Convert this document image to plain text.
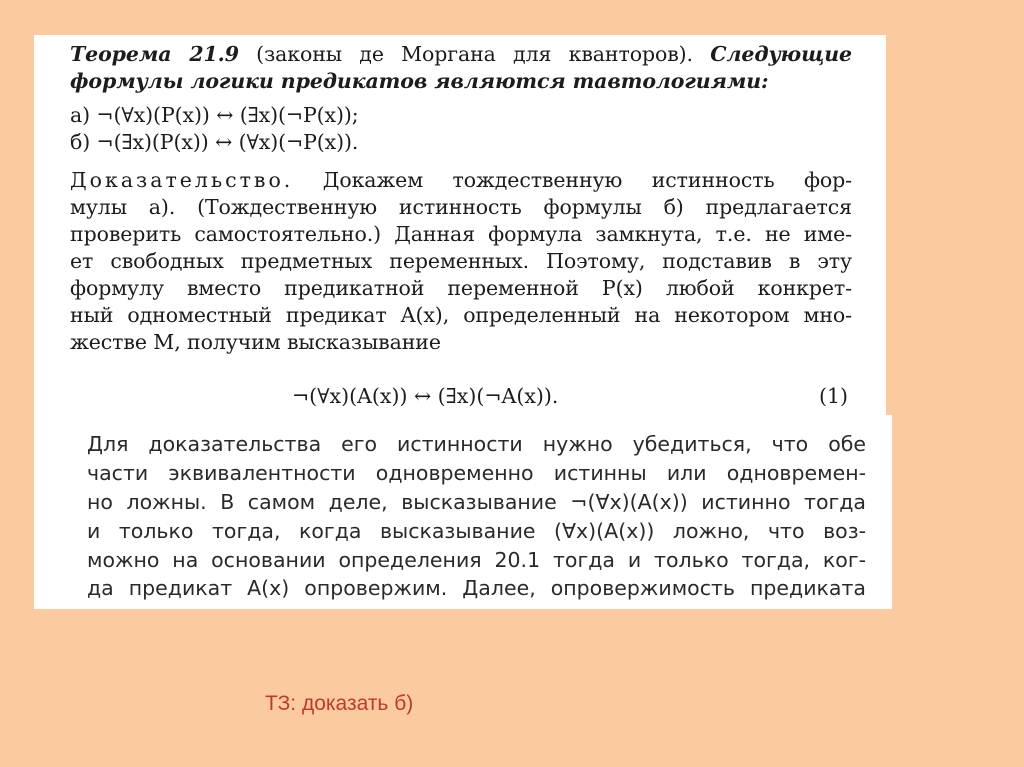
Теорема 21.9 (законы де Моргана для кванторов). Следующие

формулы логики предикатов являются тавтологиями:

а) ¬(∀x)(P(x)) ↔ (∃x)(¬P(x));

б) ¬(∃x)(P(x)) ↔ (∀x)(¬P(x)).

Доказательство. Докажем тождественную истинность фор-

мулы а). (Тождественную истинность формулы б) предлагается

проверить самостоятельно.) Данная формула замкнута, т.е. не име-

ет свободных предметных переменных. Поэтому, подставив в эту

формулу вместо предикатной переменной P(x) любой конкрет-

ный одноместный предикат A(x), определенный на некотором мно-

жестве M, получим высказывание

¬(∀x)(A(x)) ↔ (∃x)(¬A(x)).	(1)

Для доказательства его истинности нужно убедиться, что обе

части эквивалентности одновременно истинны или одновремен-

но ложны. В самом деле, высказывание ¬(∀x)(A(x)) истинно тогда

и только тогда, когда высказывание (∀x)(A(x)) ложно, что воз-

можно на основании определения 20.1 тогда и только тогда, ког-

да предикат A(x) опровержим. Далее, опровержимость предиката

ТЗ: доказать б)
